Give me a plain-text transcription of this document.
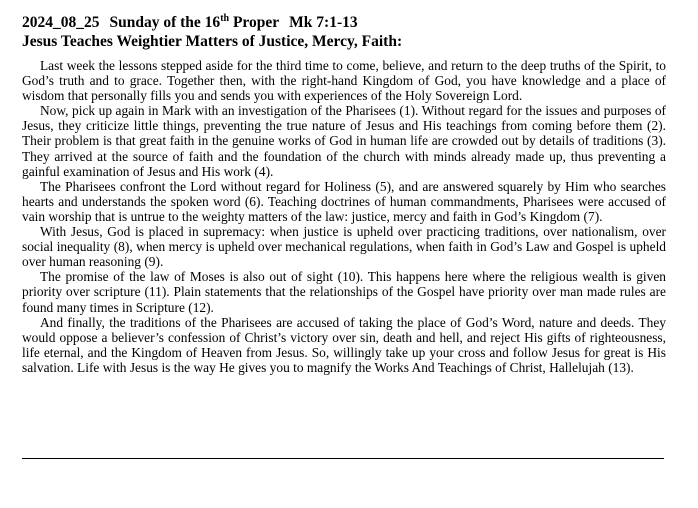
2024_08_25 Sunday of the 16th Proper Mk 7:1-13

Jesus Teaches Weightier Matters of Justice, Mercy, Faith:

Last week the lessons stepped aside for the third time to come, believe, and return to the deep truths of the Spirit, to God’s truth and to grace. Together then, with the right-hand Kingdom of God, you have knowledge and a place of wisdom that personally fills you and sends you with experiences of the Holy Sovereign Lord.

Now, pick up again in Mark with an investigation of the Pharisees (1). Without regard for the issues and purposes of Jesus, they criticize little things, preventing the true nature of Jesus and His teachings from coming before them (2). Their problem is that great faith in the genuine works of God in human life are crowded out by details of traditions (3). They arrived at the source of faith and the foundation of the church with minds already made up, thus preventing a gainful examination of Jesus and His work (4).

The Pharisees confront the Lord without regard for Holiness (5), and are answered squarely by Him who searches hearts and understands the spoken word (6). Teaching doctrines of human commandments, Pharisees were accused of vain worship that is untrue to the weighty matters of the law: justice, mercy and faith in God’s Kingdom (7).

With Jesus, God is placed in supremacy: when justice is upheld over practicing traditions, over nationalism, over social inequality (8), when mercy is upheld over mechanical regulations, when faith in God’s Law and Gospel is upheld over human reasoning (9).

The promise of the law of Moses is also out of sight (10). This happens here where the religious wealth is given priority over scripture (11). Plain statements that the relationships of the Gospel have priority over man made rules are found many times in Scripture (12).

And finally, the traditions of the Pharisees are accused of taking the place of God’s Word, nature and deeds. They would oppose a believer’s confession of Christ’s victory over sin, death and hell, and reject His gifts of righteousness, life eternal, and the Kingdom of Heaven from Jesus. So, willingly take up your cross and follow Jesus for great is His salvation. Life with Jesus is the way He gives you to magnify the Works And Teachings of Christ, Hallelujah (13).
